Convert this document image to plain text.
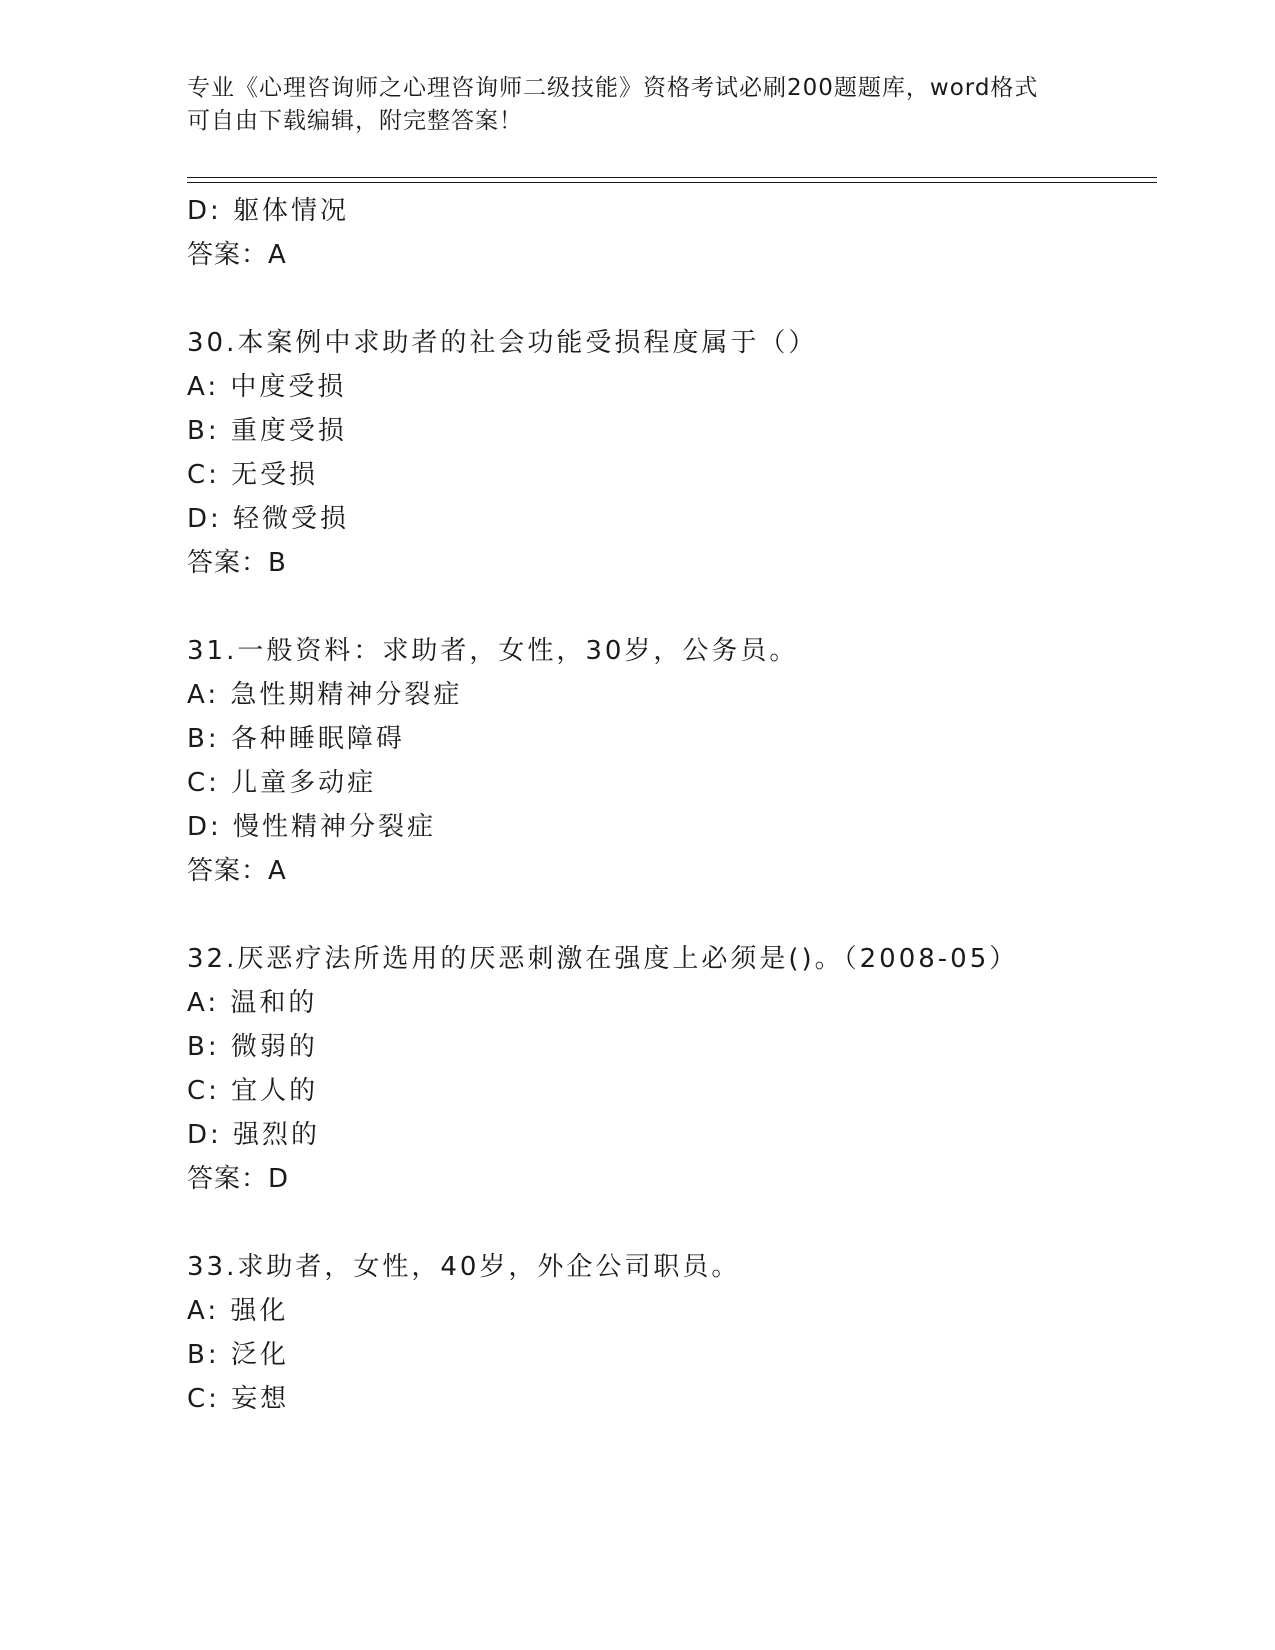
专业《心理咨询师之心理咨询师二级技能》资格考试必刷200题题库，word格式
可自由下载编辑，附完整答案！
D: 躯体情况
答案：A
30.本案例中求助者的社会功能受损程度属于（）
A: 中度受损
B: 重度受损
C: 无受损
D: 轻微受损
答案：B
31.一般资料：求助者，女性，30岁，公务员。
A: 急性期精神分裂症
B: 各种睡眠障碍
C: 儿童多动症
D: 慢性精神分裂症
答案：A
32.厌恶疗法所选用的厌恶刺激在强度上必须是()。（2008-05）
A: 温和的
B: 微弱的
C: 宜人的
D: 强烈的
答案：D
33.求助者，女性，40岁，外企公司职员。
A: 强化
B: 泛化
C: 妄想
